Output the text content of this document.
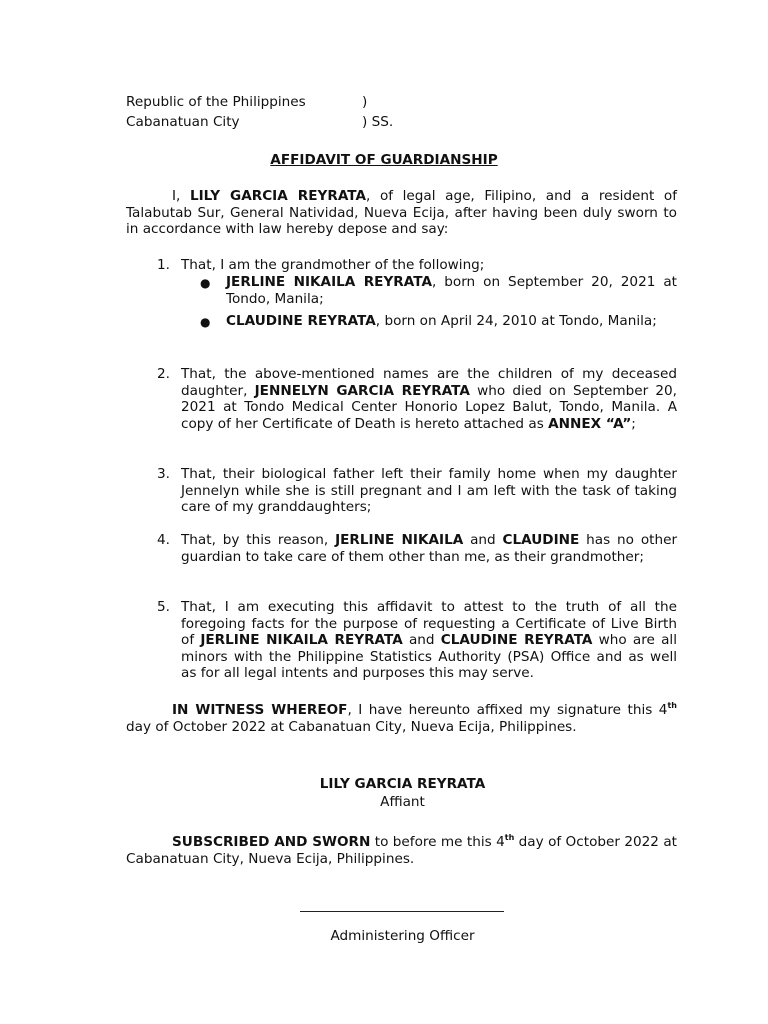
Republic of the Philippines	)
Cabanatuan City	) SS.
AFFIDAVIT OF GUARDIANSHIP
I, LILY GARCIA REYRATA, of legal age, Filipino, and a resident of Talabutab Sur, General Natividad, Nueva Ecija, after having been duly sworn to in accordance with law hereby depose and say:
1. That, I am the grandmother of the following;
● JERLINE NIKAILA REYRATA, born on September 20, 2021 at Tondo, Manila;
● CLAUDINE REYRATA, born on April 24, 2010 at Tondo, Manila;
2. That, the above-mentioned names are the children of my deceased daughter, JENNELYN GARCIA REYRATA who died on September 20, 2021 at Tondo Medical Center Honorio Lopez Balut, Tondo, Manila. A copy of her Certificate of Death is hereto attached as ANNEX “A”;
3. That, their biological father left their family home when my daughter Jennelyn while she is still pregnant and I am left with the task of taking care of my granddaughters;
4. That, by this reason, JERLINE NIKAILA and CLAUDINE has no other guardian to take care of them other than me, as their grandmother;
5. That, I am executing this affidavit to attest to the truth of all the foregoing facts for the purpose of requesting a Certificate of Live Birth of JERLINE NIKAILA REYRATA and CLAUDINE REYRATA who are all minors with the Philippine Statistics Authority (PSA) Office and as well as for all legal intents and purposes this may serve.
IN WITNESS WHEREOF, I have hereunto affixed my signature this 4th day of October 2022 at Cabanatuan City, Nueva Ecija, Philippines.
LILY GARCIA REYRATA
Affiant
SUBSCRIBED AND SWORN to before me this 4th day of October 2022 at Cabanatuan City, Nueva Ecija, Philippines.
Administering Officer
